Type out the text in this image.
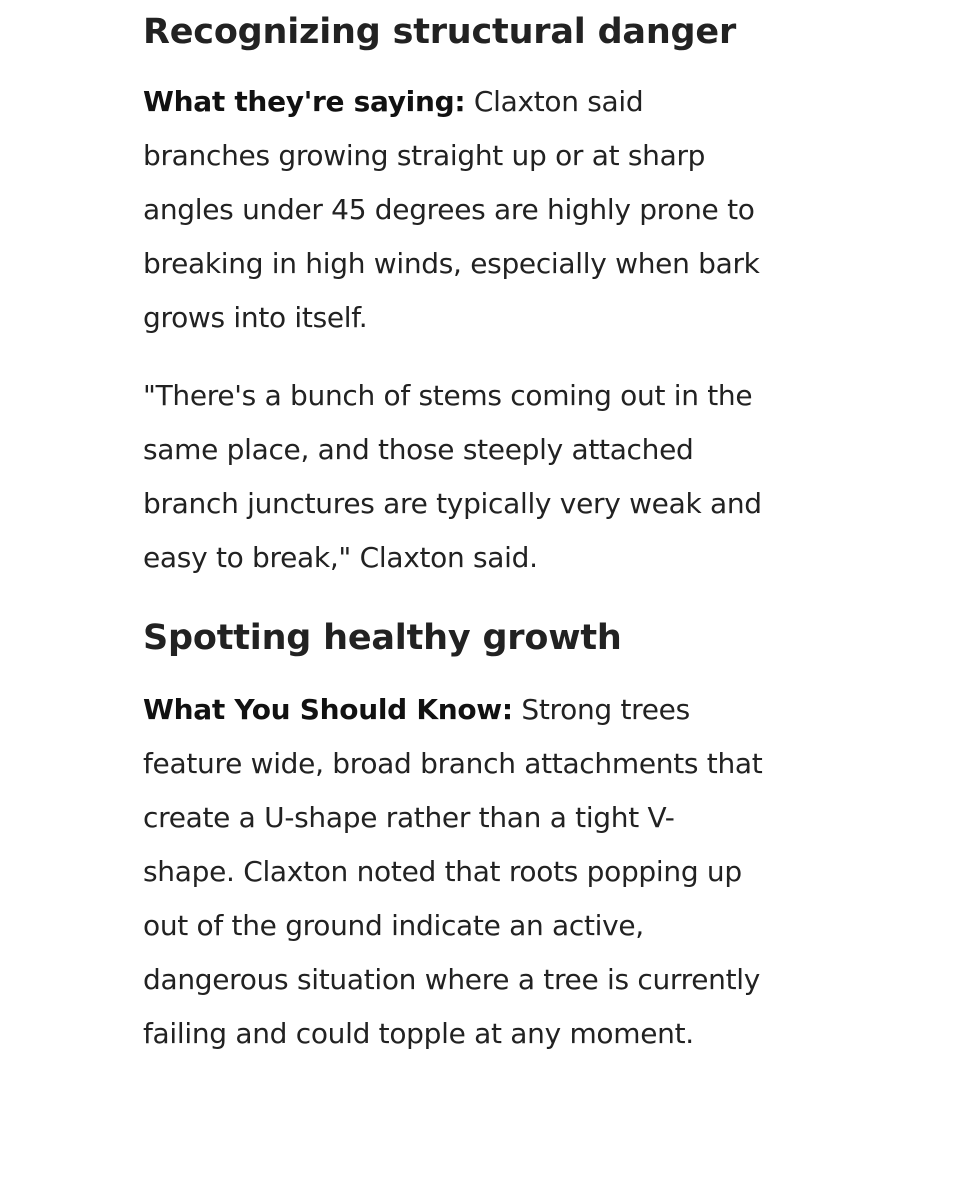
Recognizing structural danger

What they're saying: Claxton said branches growing straight up or at sharp angles under 45 degrees are highly prone to breaking in high winds, especially when bark grows into itself.

"There's a bunch of stems coming out in the same place, and those steeply attached branch junctures are typically very weak and easy to break," Claxton said.

Spotting healthy growth

What You Should Know: Strong trees feature wide, broad branch attachments that create a U-shape rather than a tight V-shape. Claxton noted that roots popping up out of the ground indicate an active, dangerous situation where a tree is currently failing and could topple at any moment.
